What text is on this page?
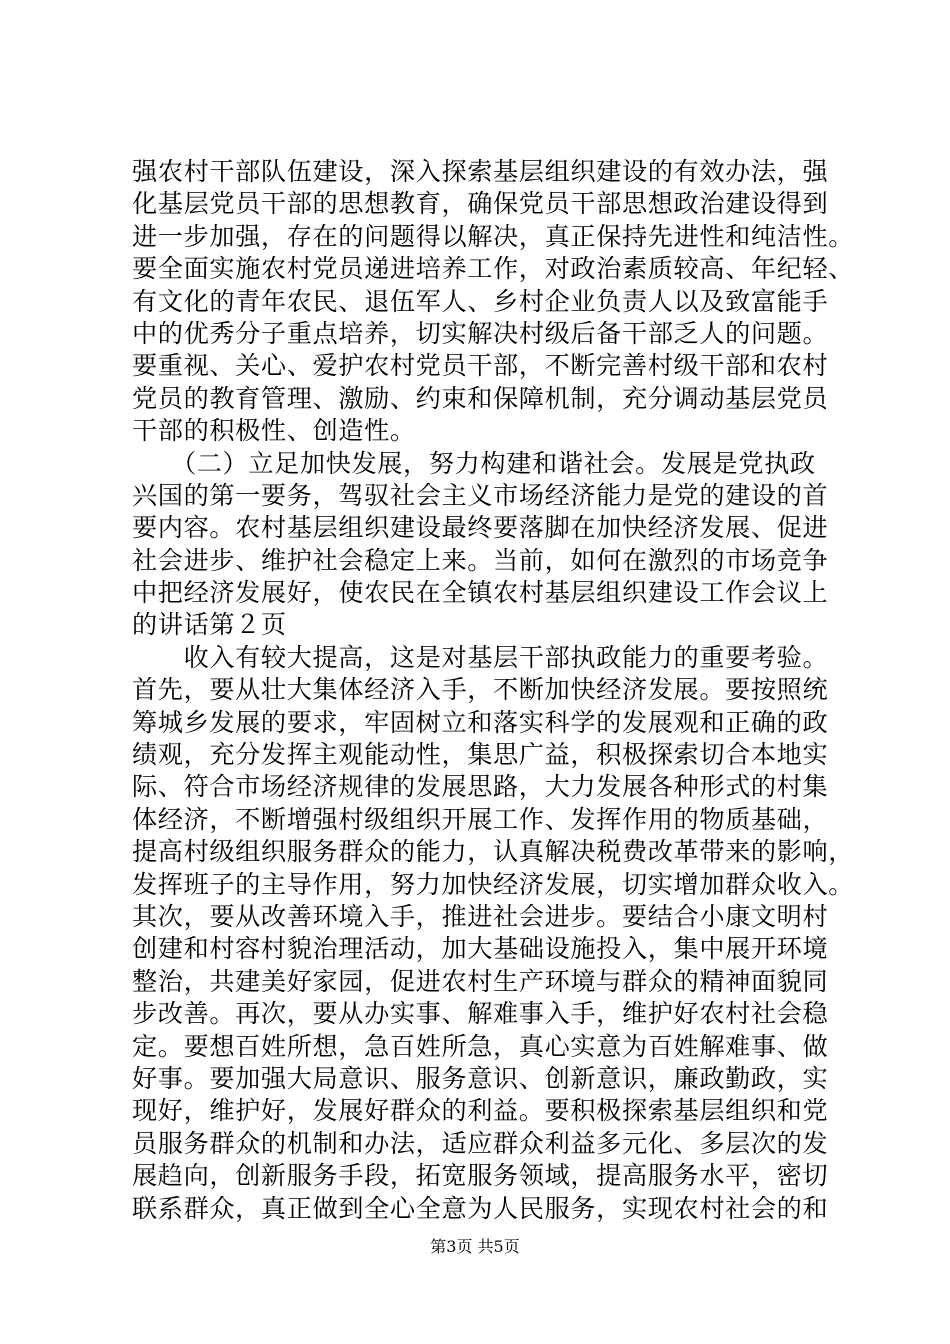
强农村干部队伍建设，深入探索基层组织建设的有效办法，强
化基层党员干部的思想教育，确保党员干部思想政治建设得到
进一步加强，存在的问题得以解决，真正保持先进性和纯洁性。
要全面实施农村党员递进培养工作，对政治素质较高、年纪轻、
有文化的青年农民、退伍军人、乡村企业负责人以及致富能手
中的优秀分子重点培养，切实解决村级后备干部乏人的问题。
要重视、关心、爱护农村党员干部，不断完善村级干部和农村
党员的教育管理、激励、约束和保障机制，充分调动基层党员
干部的积极性、创造性。
　　（二）立足加快发展，努力构建和谐社会。发展是党执政
兴国的第一要务，驾驭社会主义市场经济能力是党的建设的首
要内容。农村基层组织建设最终要落脚在加快经济发展、促进
社会进步、维护社会稳定上来。当前，如何在激烈的市场竞争
中把经济发展好，使农民在全镇农村基层组织建设工作会议上
的讲话第２页
　　收入有较大提高，这是对基层干部执政能力的重要考验。
首先，要从壮大集体经济入手，不断加快经济发展。要按照统
筹城乡发展的要求，牢固树立和落实科学的发展观和正确的政
绩观，充分发挥主观能动性，集思广益，积极探索切合本地实
际、符合市场经济规律的发展思路，大力发展各种形式的村集
体经济，不断增强村级组织开展工作、发挥作用的物质基础，
提高村级组织服务群众的能力，认真解决税费改革带来的影响，
发挥班子的主导作用，努力加快经济发展，切实增加群众收入。
其次，要从改善环境入手，推进社会进步。要结合小康文明村
创建和村容村貌治理活动，加大基础设施投入，集中展开环境
整治，共建美好家园，促进农村生产环境与群众的精神面貌同
步改善。再次，要从办实事、解难事入手，维护好农村社会稳
定。要想百姓所想，急百姓所急，真心实意为百姓解难事、做
好事。要加强大局意识、服务意识、创新意识，廉政勤政，实
现好，维护好，发展好群众的利益。要积极探索基层组织和党
员服务群众的机制和办法，适应群众利益多元化、多层次的发
展趋向，创新服务手段，拓宽服务领域，提高服务水平，密切
联系群众，真正做到全心全意为人民服务，实现农村社会的和
第3页 共5页
